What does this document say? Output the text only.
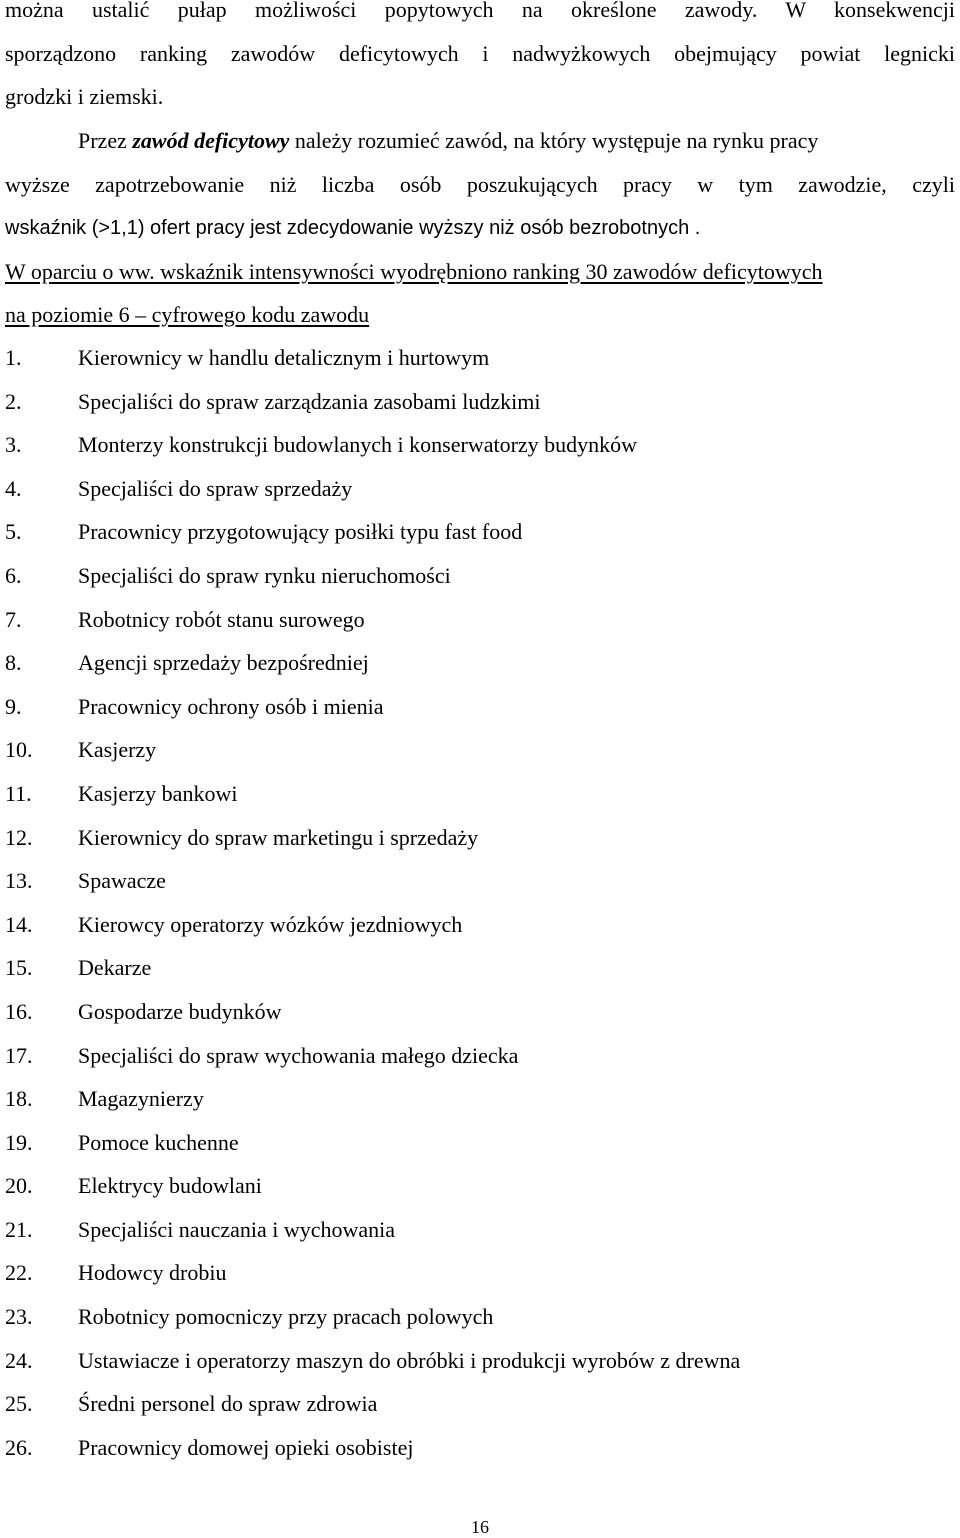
można ustalić pułap możliwości popytowych na określone zawody. W konsekwencji
sporządzono ranking zawodów deficytowych i nadwyżkowych obejmujący powiat legnicki
grodzki i ziemski.
Przez zawód deficytowy należy rozumieć zawód, na który występuje na rynku pracy
wyższe zapotrzebowanie niż liczba osób poszukujących pracy w tym zawodzie, czyli
wskaźnik (>1,1) ofert pracy jest zdecydowanie wyższy niż osób bezrobotnych .
W oparciu o ww. wskaźnik intensywności wyodrębniono ranking 30 zawodów deficytowych
na poziomie 6 – cyfrowego kodu zawodu
1.	Kierownicy w handlu detalicznym i hurtowym
2.	Specjaliści do spraw zarządzania zasobami ludzkimi
3.	Monterzy konstrukcji budowlanych i konserwatorzy budynków
4.	Specjaliści do spraw sprzedaży
5.	Pracownicy przygotowujący posiłki typu fast food
6.	Specjaliści do spraw rynku nieruchomości
7.	Robotnicy robót stanu surowego
8.	Agencji sprzedaży bezpośredniej
9.	Pracownicy ochrony osób i mienia
10. Kasjerzy
11. Kasjerzy bankowi
12. Kierownicy do spraw marketingu i sprzedaży
13. Spawacze
14. Kierowcy operatorzy wózków jezdniowych
15. Dekarze
16. Gospodarze budynków
17. Specjaliści do spraw wychowania małego dziecka
18. Magazynierzy
19. Pomoce kuchenne
20. Elektrycy budowlani
21. Specjaliści nauczania i wychowania
22. Hodowcy drobiu
23. Robotnicy pomocniczy przy pracach polowych
24. Ustawiacze i operatorzy maszyn do obróbki i produkcji wyrobów z drewna
25. Średni personel do spraw zdrowia
26. Pracownicy domowej opieki osobistej
16
